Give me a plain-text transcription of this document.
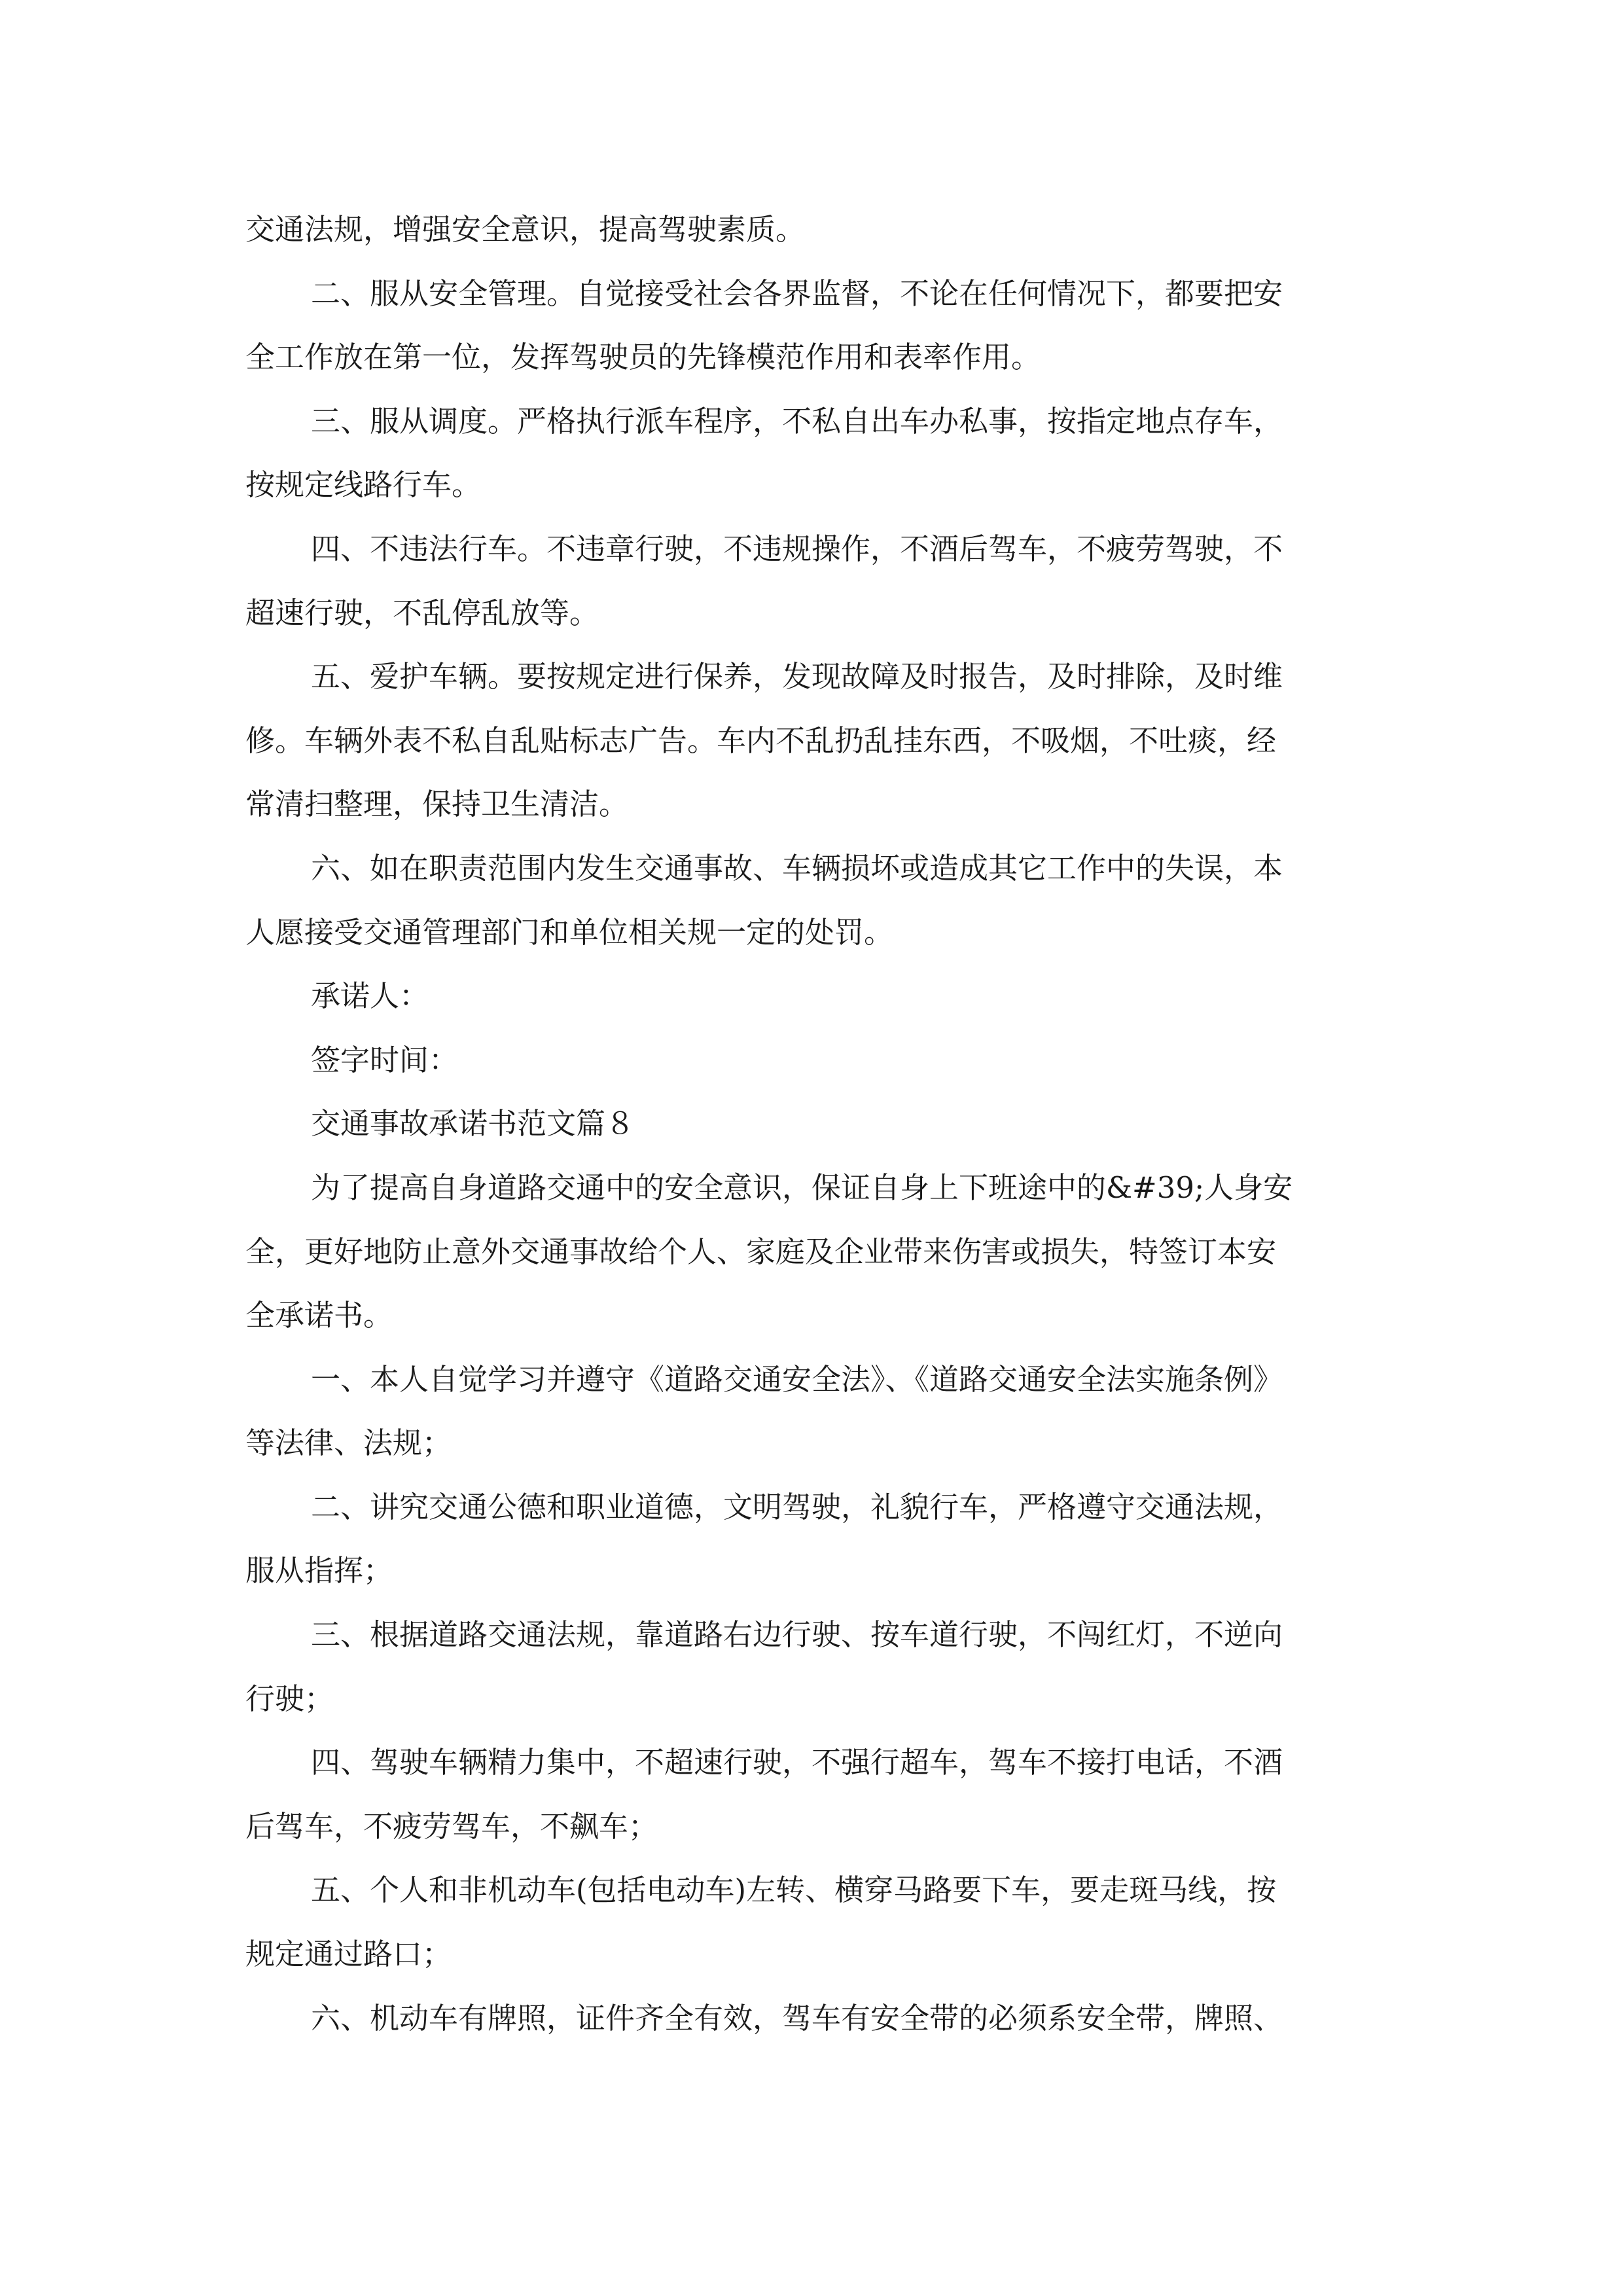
交通法规，增强安全意识，提高驾驶素质。
二、服从安全管理。自觉接受社会各界监督，不论在任何情况下，都要把安
全工作放在第一位，发挥驾驶员的先锋模范作用和表率作用。
三、服从调度。严格执行派车程序，不私自出车办私事，按指定地点存车，
按规定线路行车。
四、不违法行车。不违章行驶，不违规操作，不酒后驾车，不疲劳驾驶，不
超速行驶，不乱停乱放等。
五、爱护车辆。要按规定进行保养，发现故障及时报告，及时排除，及时维
修。车辆外表不私自乱贴标志广告。车内不乱扔乱挂东西，不吸烟，不吐痰，经
常清扫整理，保持卫生清洁。
六、如在职责范围内发生交通事故、车辆损坏或造成其它工作中的失误，本
人愿接受交通管理部门和单位相关规一定的处罚。
承诺人：
签字时间：
交通事故承诺书范文篇８
为了提高自身道路交通中的安全意识，保证自身上下班途中的&#39;人身安
全，更好地防止意外交通事故给个人、家庭及企业带来伤害或损失，特签订本安
全承诺书。
一、本人自觉学习并遵守《道路交通安全法》、《道路交通安全法实施条例》
等法律、法规；
二、讲究交通公德和职业道德，文明驾驶，礼貌行车，严格遵守交通法规，
服从指挥；
三、根据道路交通法规，靠道路右边行驶、按车道行驶，不闯红灯，不逆向
行驶；
四、驾驶车辆精力集中，不超速行驶，不强行超车，驾车不接打电话，不酒
后驾车，不疲劳驾车，不飙车；
五、个人和非机动车(包括电动车)左转、横穿马路要下车，要走斑马线，按
规定通过路口；
六、机动车有牌照，证件齐全有效，驾车有安全带的必须系安全带，牌照、
